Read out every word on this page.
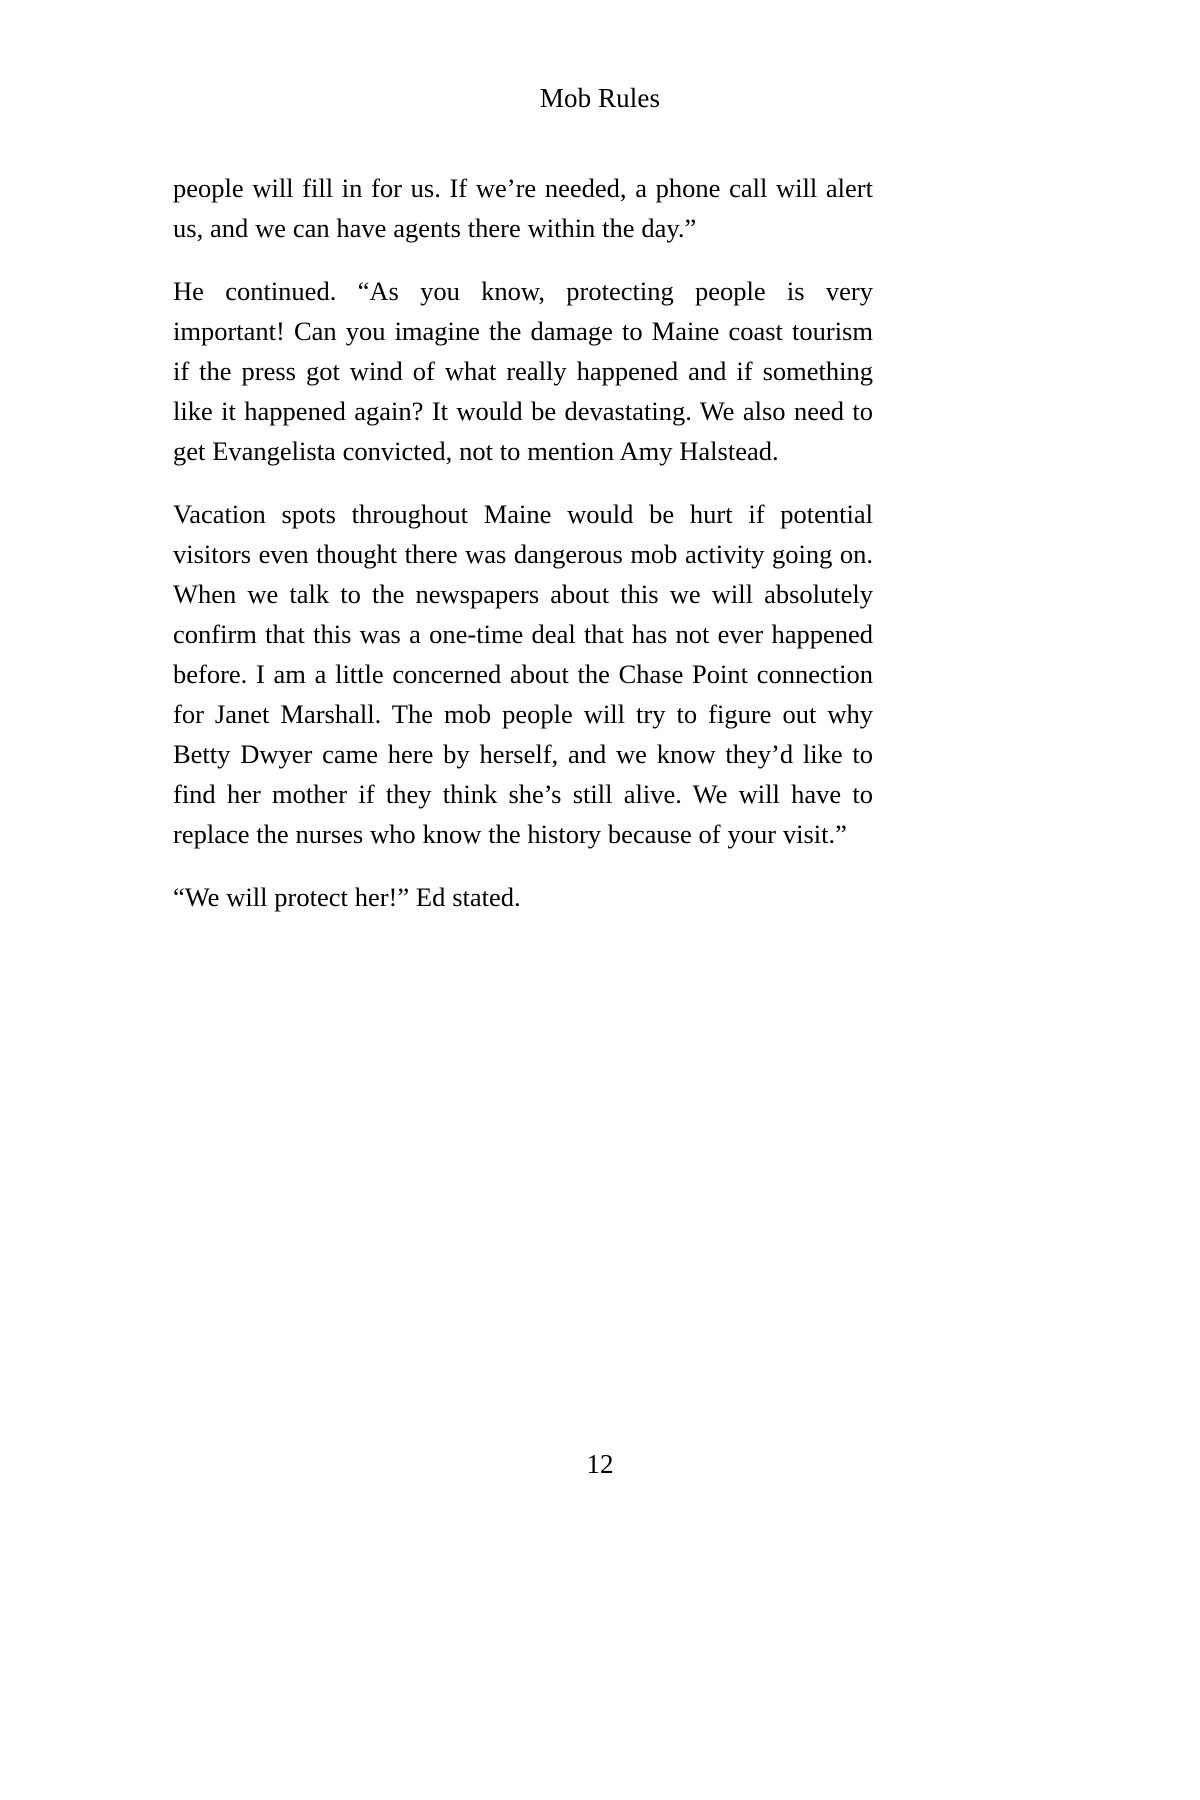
Mob Rules

people will fill in for us. If we’re needed, a phone call will alert us, and we can have agents there within the day.”

He continued. “As you know, protecting people is very important! Can you imagine the damage to Maine coast tourism if the press got wind of what really happened and if something like it happened again? It would be devastating. We also need to get Evangelista convicted, not to mention Amy Halstead.

Vacation spots throughout Maine would be hurt if potential visitors even thought there was dangerous mob activity going on. When we talk to the newspapers about this we will absolutely confirm that this was a one-time deal that has not ever happened before. I am a little concerned about the Chase Point connection for Janet Marshall. The mob people will try to figure out why Betty Dwyer came here by herself, and we know they’d like to find her mother if they think she’s still alive. We will have to replace the nurses who know the history because of your visit.”

“We will protect her!” Ed stated.

12
